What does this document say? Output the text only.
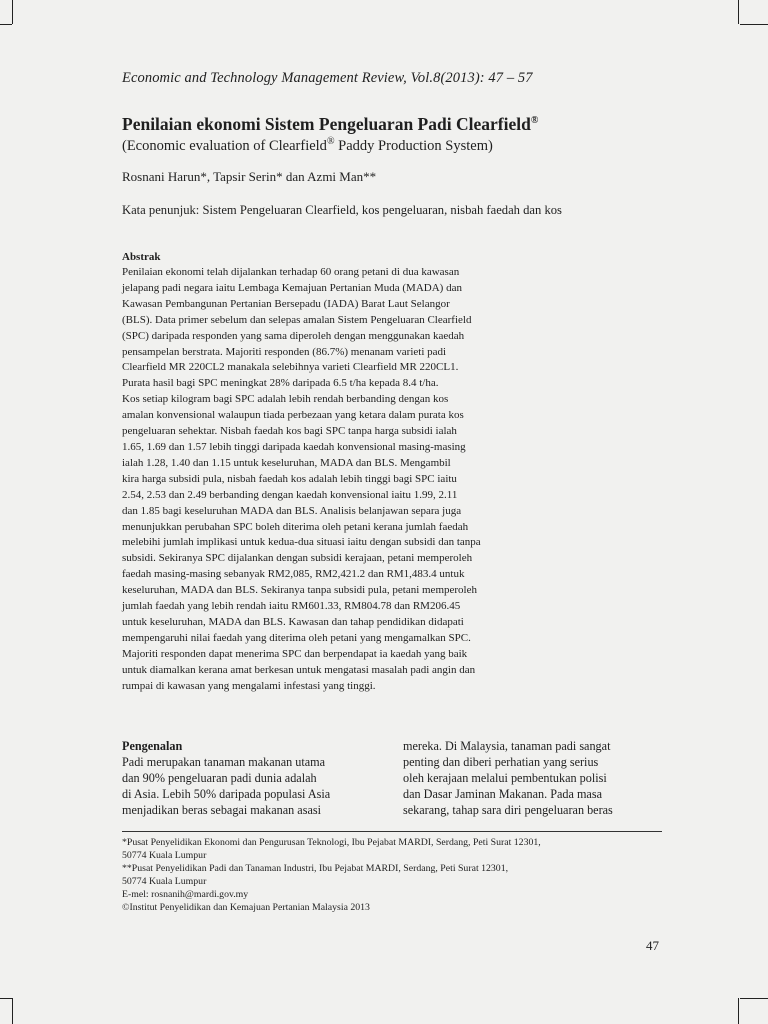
Economic and Technology Management Review, Vol.8(2013): 47 – 57
Penilaian ekonomi Sistem Pengeluaran Padi Clearfield®
(Economic evaluation of Clearfield® Paddy Production System)
Rosnani Harun*, Tapsir Serin* dan Azmi Man**
Kata penunjuk: Sistem Pengeluaran Clearfield, kos pengeluaran, nisbah faedah dan kos
Abstrak
Penilaian ekonomi telah dijalankan terhadap 60 orang petani di dua kawasan
jelapang padi negara iaitu Lembaga Kemajuan Pertanian Muda (MADA) dan
Kawasan Pembangunan Pertanian Bersepadu (IADA) Barat Laut Selangor
(BLS). Data primer sebelum dan selepas amalan Sistem Pengeluaran Clearfield
(SPC) daripada responden yang sama diperoleh dengan menggunakan kaedah
pensampelan berstrata. Majoriti responden (86.7%) menanam varieti padi
Clearfield MR 220CL2 manakala selebihnya varieti Clearfield MR 220CL1.
Purata hasil bagi SPC meningkat 28% daripada 6.5 t/ha kepada 8.4 t/ha.
Kos setiap kilogram bagi SPC adalah lebih rendah berbanding dengan kos
amalan konvensional walaupun tiada perbezaan yang ketara dalam purata kos
pengeluaran sehektar. Nisbah faedah kos bagi SPC tanpa harga subsidi ialah
1.65, 1.69 dan 1.57 lebih tinggi daripada kaedah konvensional masing-masing
ialah 1.28, 1.40 dan 1.15 untuk keseluruhan, MADA dan BLS. Mengambil
kira harga subsidi pula, nisbah faedah kos adalah lebih tinggi bagi SPC iaitu
2.54, 2.53 dan 2.49 berbanding dengan kaedah konvensional iaitu 1.99, 2.11
dan 1.85 bagi keseluruhan MADA dan BLS. Analisis belanjawan separa juga
menunjukkan perubahan SPC boleh diterima oleh petani kerana jumlah faedah
melebihi jumlah implikasi untuk kedua-dua situasi iaitu dengan subsidi dan tanpa
subsidi. Sekiranya SPC dijalankan dengan subsidi kerajaan, petani memperoleh
faedah masing-masing sebanyak RM2,085, RM2,421.2 dan RM1,483.4 untuk
keseluruhan, MADA dan BLS. Sekiranya tanpa subsidi pula, petani memperoleh
jumlah faedah yang lebih rendah iaitu RM601.33, RM804.78 dan RM206.45
untuk keseluruhan, MADA dan BLS. Kawasan dan tahap pendidikan didapati
mempengaruhi nilai faedah yang diterima oleh petani yang mengamalkan SPC.
Majoriti responden dapat menerima SPC dan berpendapat ia kaedah yang baik
untuk diamalkan kerana amat berkesan untuk mengatasi masalah padi angin dan
rumpai di kawasan yang mengalami infestasi yang tinggi.
Pengenalan
Padi merupakan tanaman makanan utama
dan 90% pengeluaran padi dunia adalah
di Asia. Lebih 50% daripada populasi Asia
menjadikan beras sebagai makanan asasi
mereka. Di Malaysia, tanaman padi sangat
penting dan diberi perhatian yang serius
oleh kerajaan melalui pembentukan polisi
dan Dasar Jaminan Makanan. Pada masa
sekarang, tahap sara diri pengeluaran beras
*Pusat Penyelidikan Ekonomi dan Pengurusan Teknologi, Ibu Pejabat MARDI, Serdang, Peti Surat 12301,
50774 Kuala Lumpur
**Pusat Penyelidikan Padi dan Tanaman Industri, Ibu Pejabat MARDI, Serdang, Peti Surat 12301,
50774 Kuala Lumpur
E-mel: rosnanih@mardi.gov.my
©Institut Penyelidikan dan Kemajuan Pertanian Malaysia 2013
47
